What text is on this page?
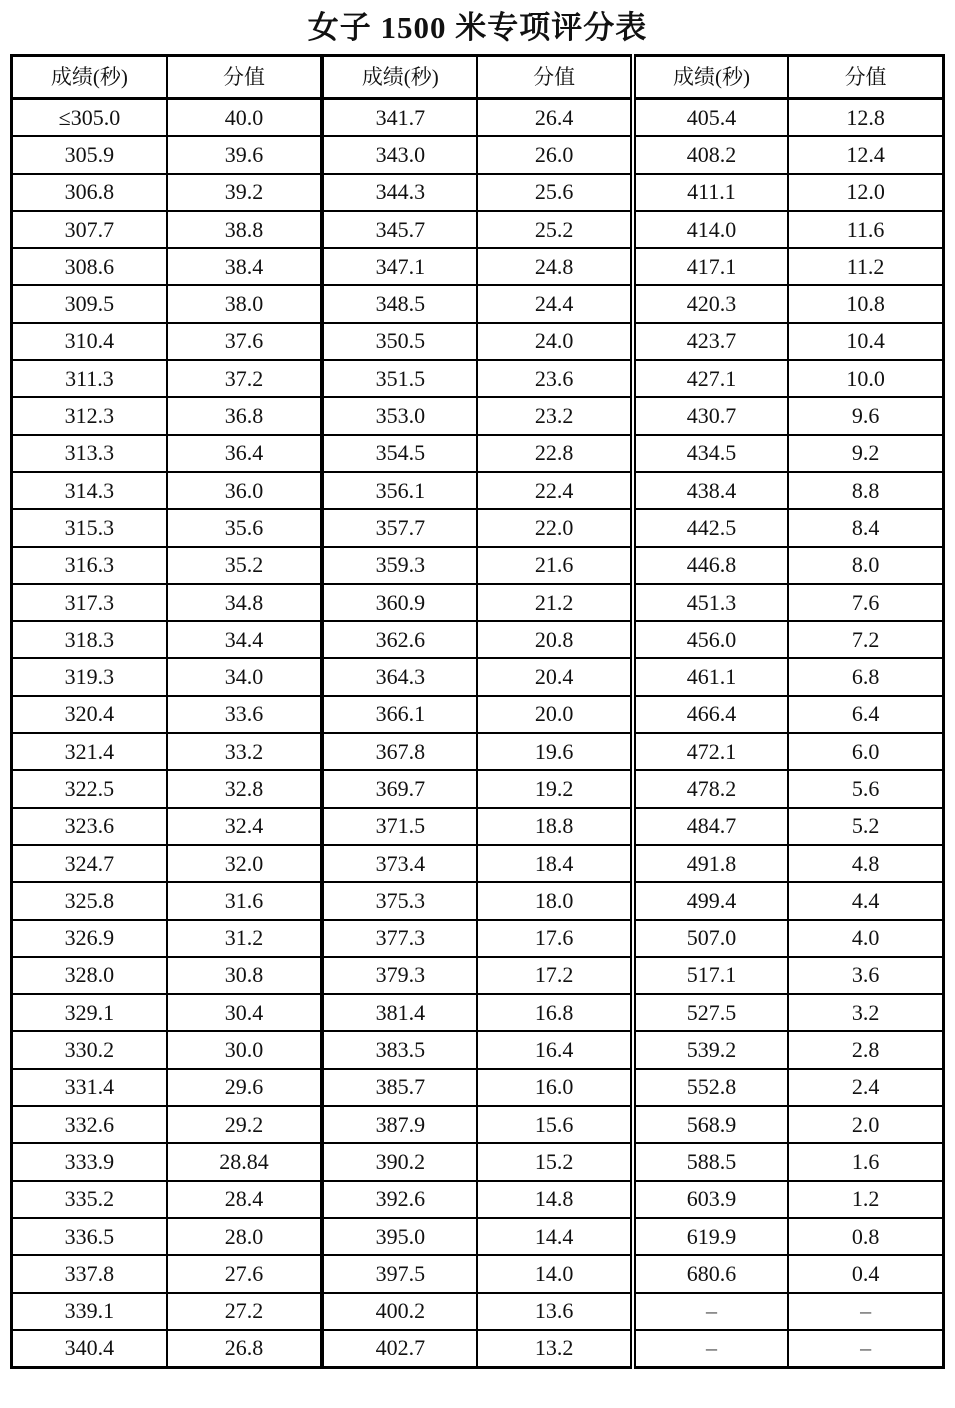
女子 1500 米专项评分表
成绩(秒)	分值	成绩(秒)	分值	成绩(秒)	分值
≤305.0	40.0	341.7	26.4	405.4	12.8
305.9	39.6	343.0	26.0	408.2	12.4
306.8	39.2	344.3	25.6	411.1	12.0
307.7	38.8	345.7	25.2	414.0	11.6
308.6	38.4	347.1	24.8	417.1	11.2
309.5	38.0	348.5	24.4	420.3	10.8
310.4	37.6	350.5	24.0	423.7	10.4
311.3	37.2	351.5	23.6	427.1	10.0
312.3	36.8	353.0	23.2	430.7	9.6
313.3	36.4	354.5	22.8	434.5	9.2
314.3	36.0	356.1	22.4	438.4	8.8
315.3	35.6	357.7	22.0	442.5	8.4
316.3	35.2	359.3	21.6	446.8	8.0
317.3	34.8	360.9	21.2	451.3	7.6
318.3	34.4	362.6	20.8	456.0	7.2
319.3	34.0	364.3	20.4	461.1	6.8
320.4	33.6	366.1	20.0	466.4	6.4
321.4	33.2	367.8	19.6	472.1	6.0
322.5	32.8	369.7	19.2	478.2	5.6
323.6	32.4	371.5	18.8	484.7	5.2
324.7	32.0	373.4	18.4	491.8	4.8
325.8	31.6	375.3	18.0	499.4	4.4
326.9	31.2	377.3	17.6	507.0	4.0
328.0	30.8	379.3	17.2	517.1	3.6
329.1	30.4	381.4	16.8	527.5	3.2
330.2	30.0	383.5	16.4	539.2	2.8
331.4	29.6	385.7	16.0	552.8	2.4
332.6	29.2	387.9	15.6	568.9	2.0
333.9	28.84	390.2	15.2	588.5	1.6
335.2	28.4	392.6	14.8	603.9	1.2
336.5	28.0	395.0	14.4	619.9	0.8
337.8	27.6	397.5	14.0	680.6	0.4
339.1	27.2	400.2	13.6	–	–
340.4	26.8	402.7	13.2	–	–
